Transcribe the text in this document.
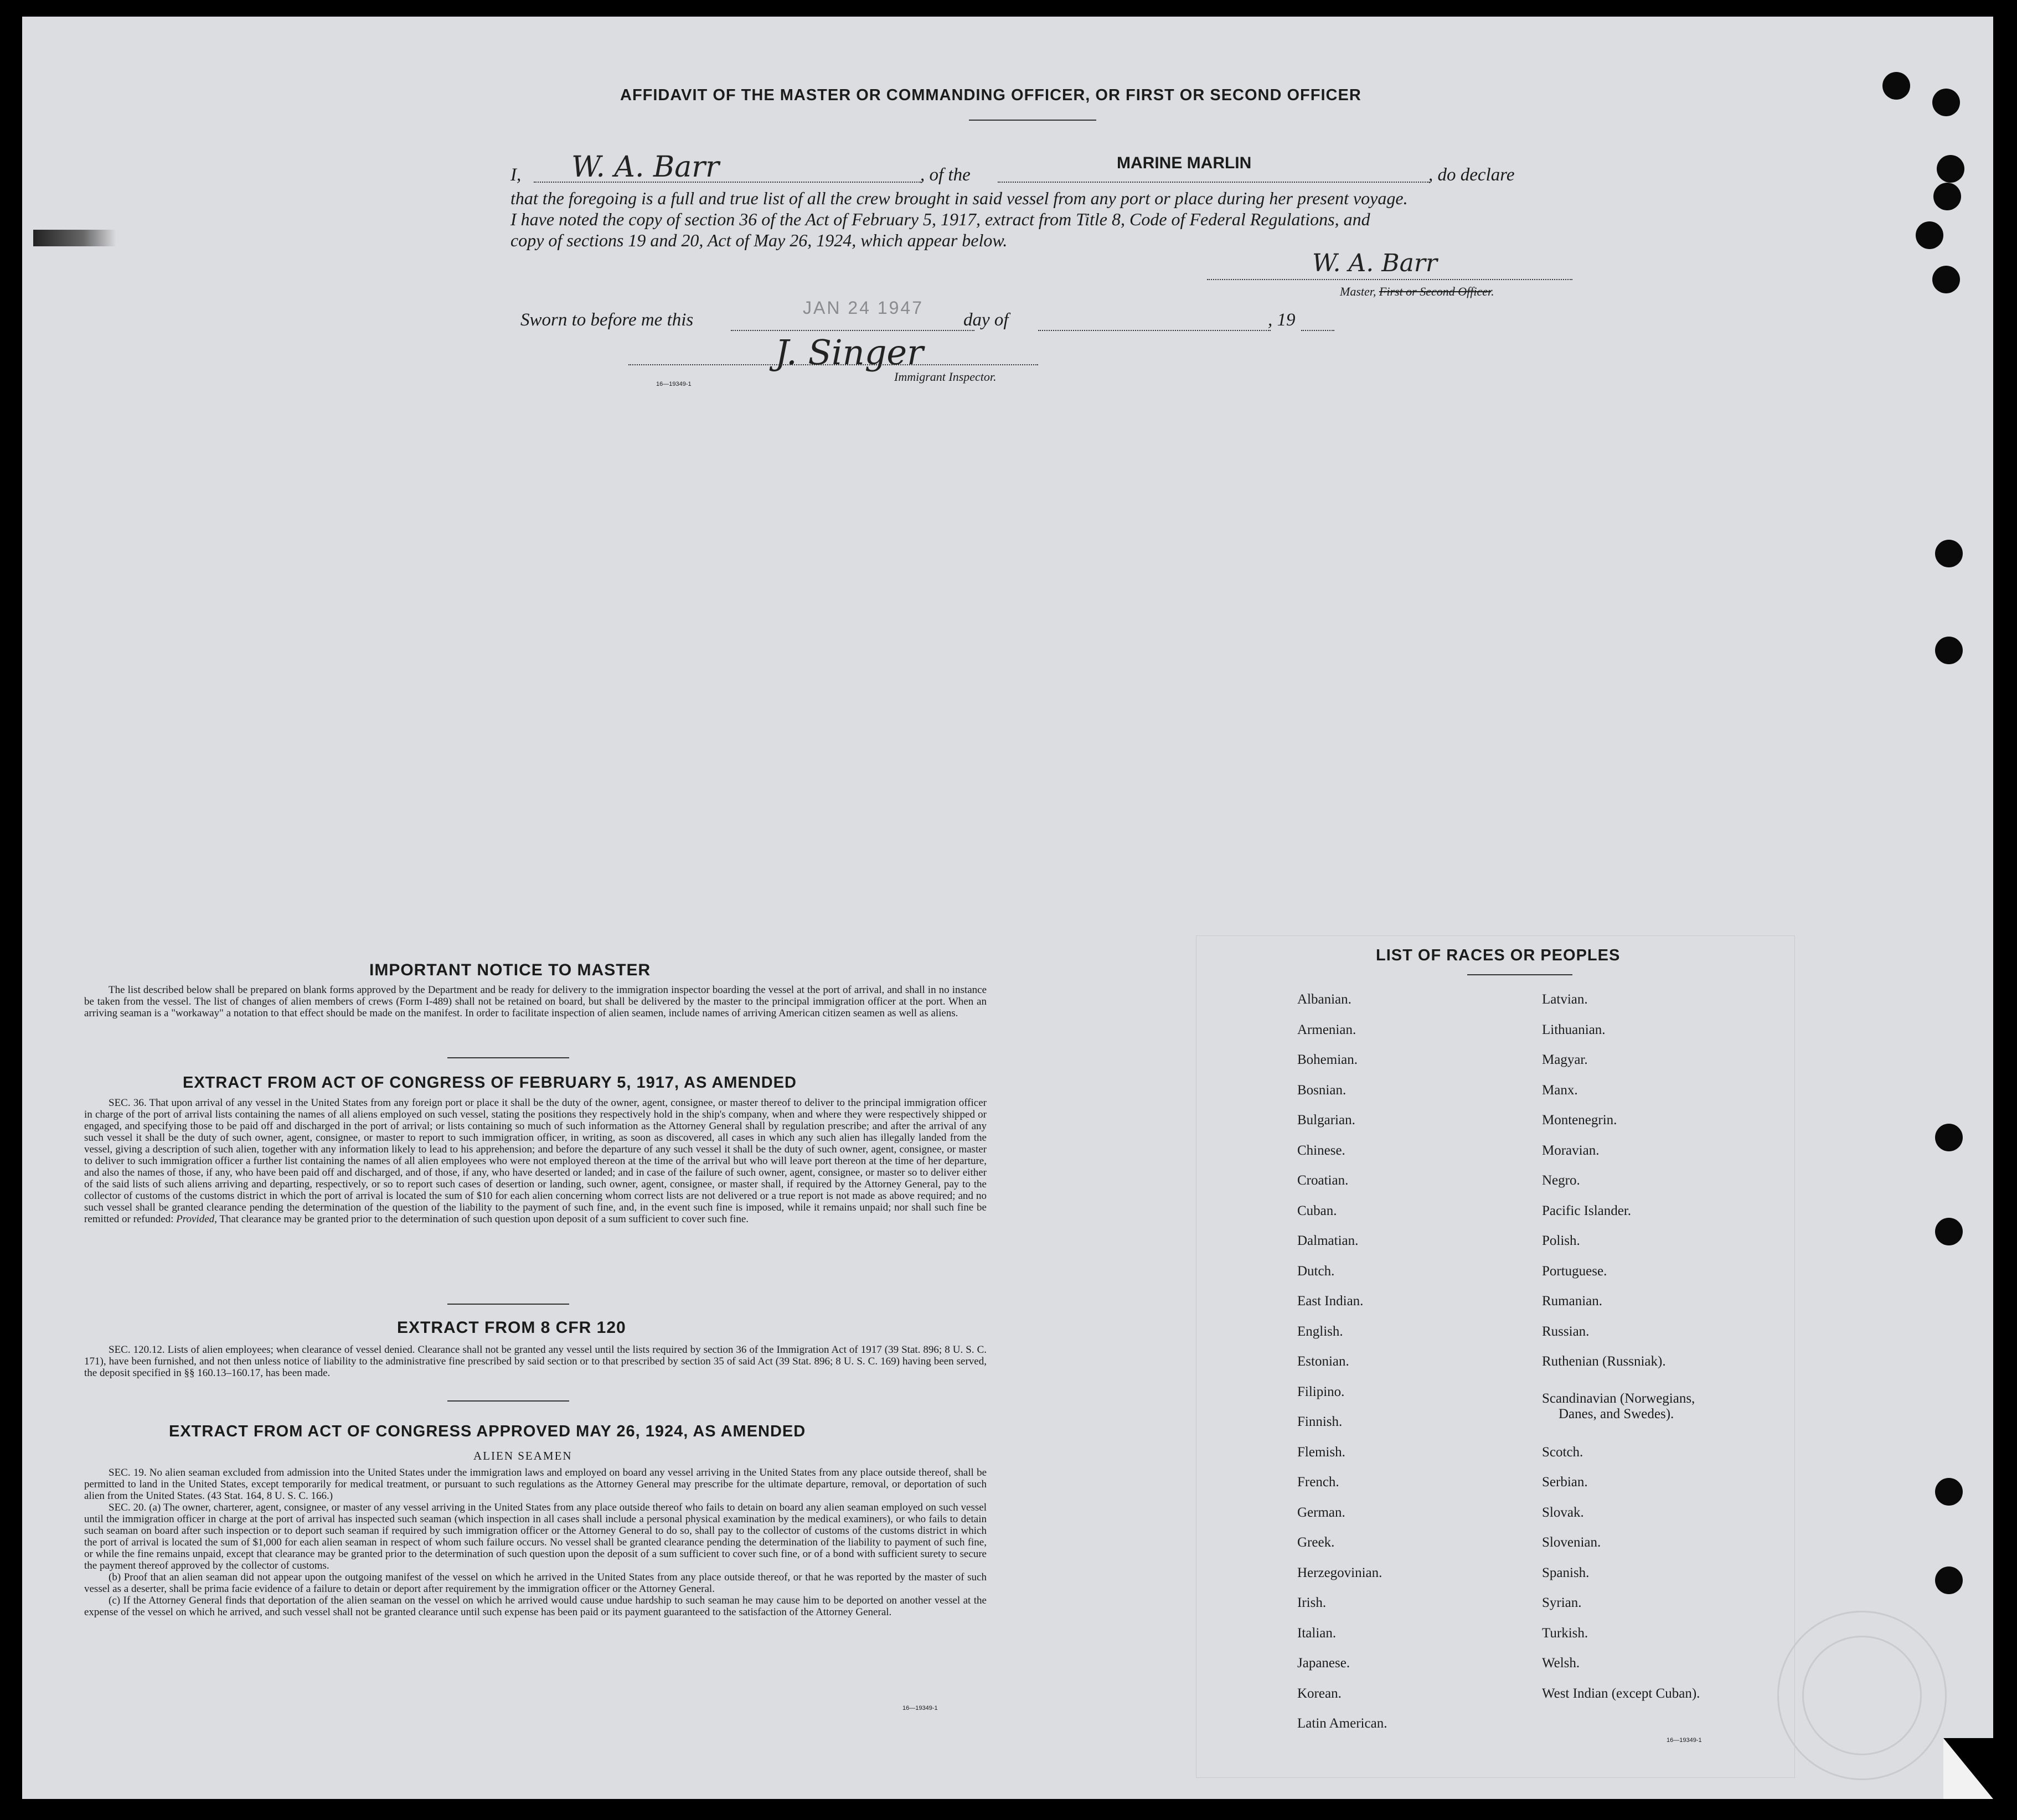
AFFIDAVIT OF THE MASTER OR COMMANDING OFFICER, OR FIRST OR SECOND OFFICER
I, W. A. Barr	, of the
MARINE MARLIN
, do declare
that the foregoing is a full and true list of all the crew brought in said vessel from any port or place during her present voyage.
I have noted the copy of section 36 of the Act of February 5, 1917, extract from Title 8, Code of Federal Regulations, and
copy of sections 19 and 20, Act of May 26, 1924, which appear below.
W. A. Barr
Master, First or Second Officer.
Sworn to before me this
JAN 24 1947
day of	, 19
J. Singer
Immigrant Inspector.
16—19349-1
IMPORTANT NOTICE TO MASTER

The list described below shall be prepared on blank forms approved by the Department and be ready for delivery to the immigration inspector boarding the vessel at the port of arrival, and shall in no instance be taken from the vessel. The list of changes of alien members of crews (Form I-489) shall not be retained on board, but shall be delivered by the master to the principal immigration officer at the port. When an arriving seaman is a "workaway" a notation to that effect should be made on the manifest. In order to facilitate inspection of alien seamen, include names of arriving American citizen seamen as well as aliens.

EXTRACT FROM ACT OF CONGRESS OF FEBRUARY 5, 1917, AS AMENDED

SEC. 36. That upon arrival of any vessel in the United States from any foreign port or place it shall be the duty of the owner, agent, consignee, or master thereof to deliver to the principal immigration officer in charge of the port of arrival lists containing the names of all aliens employed on such vessel, stating the positions they respectively hold in the ship's company, when and where they were respectively shipped or engaged, and specifying those to be paid off and discharged in the port of arrival; or lists containing so much of such information as the Attorney General shall by regulation prescribe; and after the arrival of any such vessel it shall be the duty of such owner, agent, consignee, or master to report to such immigration officer, in writing, as soon as discovered, all cases in which any such alien has illegally landed from the vessel, giving a description of such alien, together with any information likely to lead to his apprehension; and before the departure of any such vessel it shall be the duty of such owner, agent, consignee, or master to deliver to such immigration officer a further list containing the names of all alien employees who were not employed thereon at the time of the arrival but who will leave port thereon at the time of her departure, and also the names of those, if any, who have been paid off and discharged, and of those, if any, who have deserted or landed; and in case of the failure of such owner, agent, consignee, or master so to deliver either of the said lists of such aliens arriving and departing, respectively, or so to report such cases of desertion or landing, such owner, agent, consignee, or master shall, if required by the Attorney General, pay to the collector of customs of the customs district in which the port of arrival is located the sum of $10 for each alien concerning whom correct lists are not delivered or a true report is not made as above required; and no such vessel shall be granted clearance pending the determination of the question of the liability to the payment of such fine, and, in the event such fine is imposed, while it remains unpaid; nor shall such fine be remitted or refunded: Provided, That clearance may be granted prior to the determination of such question upon deposit of a sum sufficient to cover such fine.

EXTRACT FROM 8 CFR 120

SEC. 120.12. Lists of alien employees; when clearance of vessel denied. Clearance shall not be granted any vessel until the lists required by section 36 of the Immigration Act of 1917 (39 Stat. 896; 8 U. S. C. 171), have been furnished, and not then unless notice of liability to the administrative fine prescribed by said section or to that prescribed by section 35 of said Act (39 Stat. 896; 8 U. S. C. 169) having been served, the deposit specified in §§ 160.13–160.17, has been made.

EXTRACT FROM ACT OF CONGRESS APPROVED MAY 26, 1924, AS AMENDED
ALIEN SEAMEN

SEC. 19. No alien seaman excluded from admission into the United States under the immigration laws and employed on board any vessel arriving in the United States from any place outside thereof, shall be permitted to land in the United States, except temporarily for medical treatment, or pursuant to such regulations as the Attorney General may prescribe for the ultimate departure, removal, or deportation of such alien from the United States. (43 Stat. 164, 8 U. S. C. 166.)

SEC. 20. (a) The owner, charterer, agent, consignee, or master of any vessel arriving in the United States from any place outside thereof who fails to detain on board any alien seaman employed on such vessel until the immigration officer in charge at the port of arrival has inspected such seaman (which inspection in all cases shall include a personal physical examination by the medical examiners), or who fails to detain such seaman on board after such inspection or to deport such seaman if required by such immigration officer or the Attorney General to do so, shall pay to the collector of customs of the customs district in which the port of arrival is located the sum of $1,000 for each alien seaman in respect of whom such failure occurs. No vessel shall be granted clearance pending the determination of the liability to payment of such fine, or while the fine remains unpaid, except that clearance may be granted prior to the determination of such question upon the deposit of a sum sufficient to cover such fine, or of a bond with sufficient surety to secure the payment thereof approved by the collector of customs.

(b) Proof that an alien seaman did not appear upon the outgoing manifest of the vessel on which he arrived in the United States from any place outside thereof, or that he was reported by the master of such vessel as a deserter, shall be prima facie evidence of a failure to detain or deport after requirement by the immigration officer or the Attorney General.

(c) If the Attorney General finds that deportation of the alien seaman on the vessel on which he arrived would cause undue hardship to such seaman he may cause him to be deported on another vessel at the expense of the vessel on which he arrived, and such vessel shall not be granted clearance until such expense has been paid or its payment guaranteed to the satisfaction of the Attorney General.

16—19349-1
LIST OF RACES OR PEOPLES
Albanian.
Armenian.
Bohemian.
Bosnian.
Bulgarian.
Chinese.
Croatian.
Cuban.
Dalmatian.
Dutch.
East Indian.
English.
Estonian.
Filipino.
Finnish.
Flemish.
French.
German.
Greek.
Herzegovinian.
Irish.
Italian.
Japanese.
Korean.
Latin American.
Latvian.
Lithuanian.
Magyar.
Manx.
Montenegrin.
Moravian.
Negro.
Pacific Islander.
Polish.
Portuguese.
Rumanian.
Russian.
Ruthenian (Russniak).
Scandinavian (Norwegians,
Danes, and Swedes).
Scotch.
Serbian.
Slovak.
Slovenian.
Spanish.
Syrian.
Turkish.
Welsh.
West Indian (except Cuban).
16—19349-1
